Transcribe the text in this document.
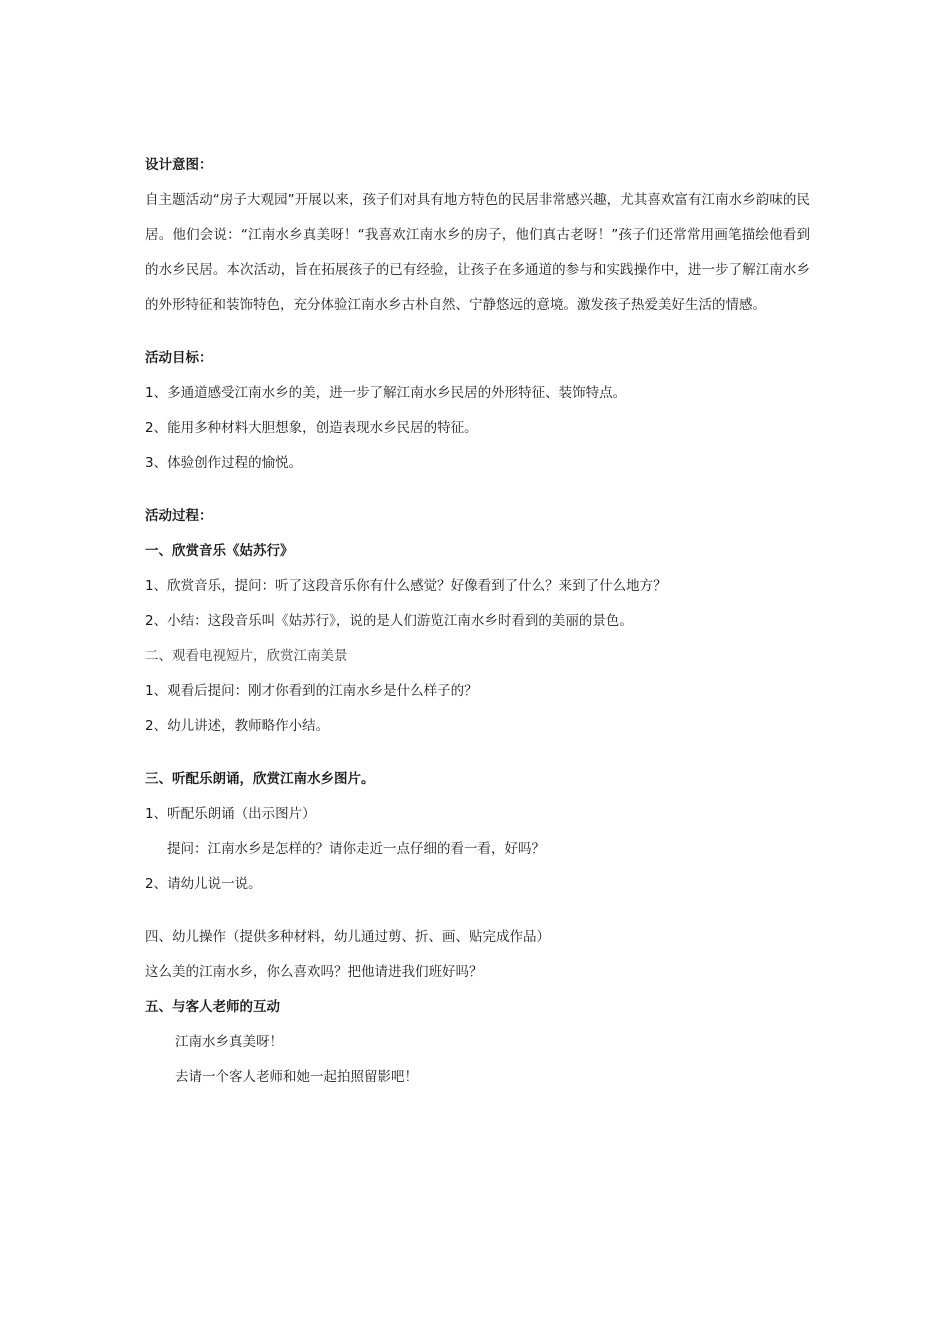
设计意图：
自主题活动“房子大观园”开展以来，孩子们对具有地方特色的民居非常感兴趣，尤其喜欢富有江南水乡韵味的民居。他们会说：“江南水乡真美呀！“我喜欢江南水乡的房子，他们真古老呀！”孩子们还常常用画笔描绘他看到的水乡民居。本次活动，旨在拓展孩子的已有经验，让孩子在多通道的参与和实践操作中，进一步了解江南水乡的外形特征和装饰特色，充分体验江南水乡古朴自然、宁静悠远的意境。激发孩子热爱美好生活的情感。
活动目标：
1、多通道感受江南水乡的美，进一步了解江南水乡民居的外形特征、装饰特点。
2、能用多种材料大胆想象，创造表现水乡民居的特征。
3、体验创作过程的愉悦。
活动过程：
一、欣赏音乐《姑苏行》
1、欣赏音乐，提问：听了这段音乐你有什么感觉？好像看到了什么？来到了什么地方？
2、小结：这段音乐叫《姑苏行》，说的是人们游览江南水乡时看到的美丽的景色。
二、观看电视短片，欣赏江南美景
1、观看后提问：刚才你看到的江南水乡是什么样子的？
2、幼儿讲述，教师略作小结。
三、听配乐朗诵，欣赏江南水乡图片。
1、听配乐朗诵（出示图片）
提问：江南水乡是怎样的？请你走近一点仔细的看一看，好吗？
2、请幼儿说一说。
四、幼儿操作（提供多种材料，幼儿通过剪、折、画、贴完成作品）
这么美的江南水乡，你么喜欢吗？把他请进我们班好吗？
五、与客人老师的互动
江南水乡真美呀！
去请一个客人老师和她一起拍照留影吧！
